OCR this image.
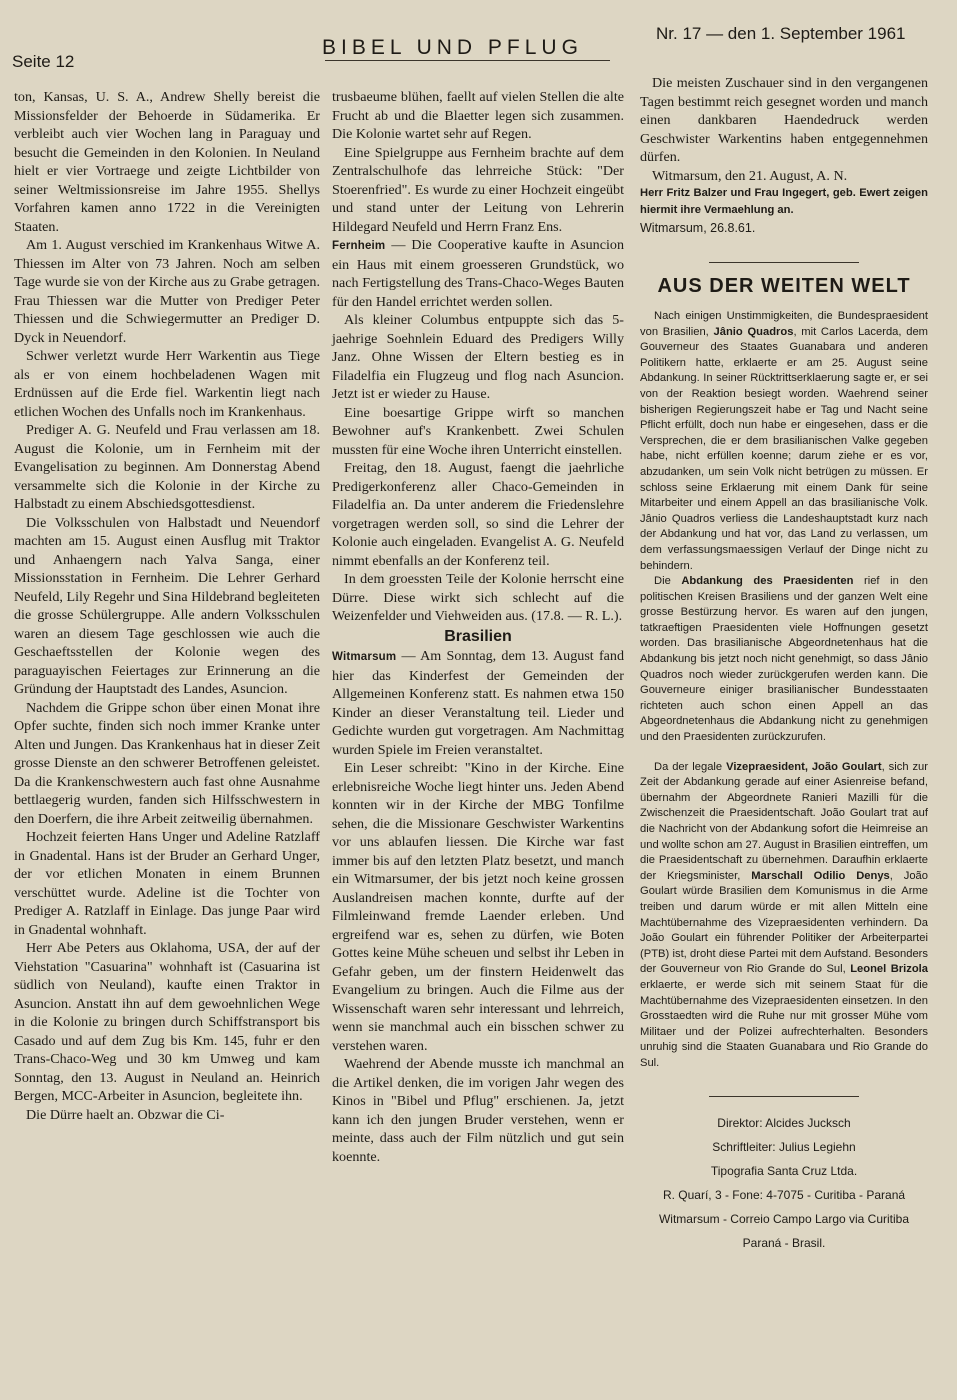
Seite 12
BIBEL UND PFLUG
Nr. 17 — den 1. September 1961

ton, Kansas, U. S. A., Andrew Shelly bereist die Missionsfelder der Behoerde in Südamerika. Er verbleibt auch vier Wochen lang in Paraguay und besucht die Gemeinden in den Kolonien. In Neuland hielt er vier Vortraege und zeigte Lichtbilder von seiner Weltmissionsreise im Jahre 1955. Shellys Vorfahren kamen anno 1722 in die Vereinigten Staaten.

Am 1. August verschied im Krankenhaus Witwe A. Thiessen im Alter von 73 Jahren. Noch am selben Tage wurde sie von der Kirche aus zu Grabe getragen. Frau Thiessen war die Mutter von Prediger Peter Thiessen und die Schwiegermutter an Prediger D. Dyck in Neuendorf.

Schwer verletzt wurde Herr Warkentin aus Tiege als er von einem hochbeladenen Wagen mit Erdnüssen auf die Erde fiel. Warkentin liegt nach etlichen Wochen des Unfalls noch im Krankenhaus.

Prediger A. G. Neufeld und Frau verlassen am 18. August die Kolonie, um in Fernheim mit der Evangelisation zu beginnen. Am Donnerstag Abend versammelte sich die Kolonie in der Kirche zu Halbstadt zu einem Abschiedsgottesdienst.

Die Volksschulen von Halbstadt und Neuendorf machten am 15. August einen Ausflug mit Traktor und Anhaengern nach Yalva Sanga, einer Missionsstation in Fernheim. Die Lehrer Gerhard Neufeld, Lily Regehr und Sina Hildebrand begleiteten die grosse Schülergruppe. Alle andern Volksschulen waren an diesem Tage geschlossen wie auch die Geschaeftsstellen der Kolonie wegen des paraguayischen Feiertages zur Erinnerung an die Gründung der Hauptstadt des Landes, Asuncion.

Nachdem die Grippe schon über einen Monat ihre Opfer suchte, finden sich noch immer Kranke unter Alten und Jungen. Das Krankenhaus hat in dieser Zeit grosse Dienste an den schwerer Betroffenen geleistet. Da die Krankenschwestern auch fast ohne Ausnahme bettlaegerig wurden, fanden sich Hilfsschwestern in den Doerfern, die ihre Arbeit zeitweilig übernahmen.

Hochzeit feierten Hans Unger und Adeline Ratzlaff in Gnadental. Hans ist der Bruder an Gerhard Unger, der vor etlichen Monaten in einem Brunnen verschüttet wurde. Adeline ist die Tochter von Prediger A. Ratzlaff in Einlage. Das junge Paar wird in Gnadental wohnhaft.

Herr Abe Peters aus Oklahoma, USA, der auf der Viehstation "Casuarina" wohnhaft ist (Casuarina ist südlich von Neuland), kaufte einen Traktor in Asuncion. Anstatt ihn auf dem gewoehnlichen Wege in die Kolonie zu bringen durch Schiffstransport bis Casado und auf dem Zug bis Km. 145, fuhr er den Trans-Chaco-Weg und 30 km Umweg und kam Sonntag, den 13. August in Neuland an. Heinrich Bergen, MCC-Arbeiter in Asuncion, begleitete ihn.

Die Dürre haelt an. Obzwar die Ci-

trusbaeume blühen, faellt auf vielen Stellen die alte Frucht ab und die Blaetter legen sich zusammen. Die Kolonie wartet sehr auf Regen.

Eine Spielgruppe aus Fernheim brachte auf dem Zentralschulhofe das lehrreiche Stück: "Der Stoerenfried". Es wurde zu einer Hochzeit eingeübt und stand unter der Leitung von Lehrerin Hildegard Neufeld und Herrn Franz Ens.

Fernheim — Die Cooperative kaufte in Asuncion ein Haus mit einem groesseren Grundstück, wo nach Fertigstellung des Trans-Chaco-Weges Bauten für den Handel errichtet werden sollen.

Als kleiner Columbus entpuppte sich das 5-jaehrige Soehnlein Eduard des Predigers Willy Janz. Ohne Wissen der Eltern bestieg es in Filadelfia ein Flugzeug und flog nach Asuncion. Jetzt ist er wieder zu Hause.

Eine boesartige Grippe wirft so manchen Bewohner auf's Krankenbett. Zwei Schulen mussten für eine Woche ihren Unterricht einstellen.

Freitag, den 18. August, faengt die jaehrliche Predigerkonferenz aller Chaco-Gemeinden in Filadelfia an. Da unter anderem die Friedenslehre vorgetragen werden soll, so sind die Lehrer der Kolonie auch eingeladen. Evangelist A. G. Neufeld nimmt ebenfalls an der Konferenz teil.

In dem groessten Teile der Kolonie herrscht eine Dürre. Diese wirkt sich schlecht auf die Weizenfelder und Viehweiden aus. (17.8. — R. L.).

Brasilien

Witmarsum — Am Sonntag, dem 13. August fand hier das Kinderfest der Gemeinden der Allgemeinen Konferenz statt. Es nahmen etwa 150 Kinder an dieser Veranstaltung teil. Lieder und Gedichte wurden gut vorgetragen. Am Nachmittag wurden Spiele im Freien veranstaltet.

Ein Leser schreibt: "Kino in der Kirche. Eine erlebnisreiche Woche liegt hinter uns. Jeden Abend konnten wir in der Kirche der MBG Tonfilme sehen, die die Missionare Geschwister Warkentins vor uns ablaufen liessen. Die Kirche war fast immer bis auf den letzten Platz besetzt, und manch ein Witmarsumer, der bis jetzt noch keine grossen Auslandreisen machen konnte, durfte auf der Filmleinwand fremde Laender erleben. Und ergreifend war es, sehen zu dürfen, wie Boten Gottes keine Mühe scheuen und selbst ihr Leben in Gefahr geben, um der finstern Heidenwelt das Evangelium zu bringen. Auch die Filme aus der Wissenschaft waren sehr interessant und lehrreich, wenn sie manchmal auch ein bisschen schwer zu verstehen waren.

Waehrend der Abende musste ich manchmal an die Artikel denken, die im vorigen Jahr wegen des Kinos in "Bibel und Pflug" erschienen. Ja, jetzt kann ich den jungen Bruder verstehen, wenn er meinte, dass auch der Film nützlich und gut sein koennte.

Die meisten Zuschauer sind in den vergangenen Tagen bestimmt reich gesegnet worden und manch einen dankbaren Haendedruck werden Geschwister Warkentins haben entgegennehmen dürfen.

Witmarsum, den 21. August, A. N.

Herr Fritz Balzer und Frau Ingegert, geb. Ewert zeigen hiermit ihre Vermaehlung an.

Witmarsum, 26.8.61.

AUS DER WEITEN WELT

Nach einigen Unstimmigkeiten, die Bundespraesident von Brasilien, Jânio Quadros, mit Carlos Lacerda, dem Gouverneur des Staates Guanabara und anderen Politikern hatte, erklaerte er am 25. August seine Abdankung. In seiner Rücktrittserklaerung sagte er, er sei von der Reaktion besiegt worden. Waehrend seiner bisherigen Regierungszeit habe er Tag und Nacht seine Pflicht erfüllt, doch nun habe er eingesehen, dass er die Versprechen, die er dem brasilianischen Valke gegeben habe, nicht erfüllen koenne; darum ziehe er es vor, abzudanken, um sein Volk nicht betrügen zu müssen. Er schloss seine Erklaerung mit einem Dank für seine Mitarbeiter und einem Appell an das brasilianische Volk. Jânio Quadros verliess die Landeshauptstadt kurz nach der Abdankung und hat vor, das Land zu verlassen, um dem verfassungsmaessigen Verlauf der Dinge nicht zu behindern.

Die Abdankung des Praesidenten rief in den politischen Kreisen Brasiliens und der ganzen Welt eine grosse Bestürzung hervor. Es waren auf den jungen, tatkraeftigen Praesidenten viele Hoffnungen gesetzt worden. Das brasilianische Abgeordnetenhaus hat die Abdankung bis jetzt noch nicht genehmigt, so dass Jânio Quadros noch wieder zurückgerufen werden kann. Die Gouverneure einiger brasilianischer Bundesstaaten richteten auch schon einen Appell an das Abgeordnetenhaus die Abdankung nicht zu genehmigen und den Praesidenten zurückzurufen.

Da der legale Vizepraesident, João Goulart, sich zur Zeit der Abdankung gerade auf einer Asienreise befand, übernahm der Abgeordnete Ranieri Mazilli für die Zwischenzeit die Praesidentschaft. João Goulart trat auf die Nachricht von der Abdankung sofort die Heimreise an und wollte schon am 27. August in Brasilien eintreffen, um die Praesidentschaft zu übernehmen. Daraufhin erklaerte der Kriegsminister, Marschall Odilio Denys, João Goulart würde Brasilien dem Komunismus in die Arme treiben und darum würde er mit allen Mitteln eine Machtübernahme des Vizepraesidenten verhindern. Da João Goulart ein führender Politiker der Arbeiterpartei (PTB) ist, droht diese Partei mit dem Aufstand. Besonders der Gouverneur von Rio Grande do Sul, Leonel Brizola erklaerte, er werde sich mit seinem Staat für die Machtübernahme des Vizepraesidenten einsetzen. In den Grosstaedten wird die Ruhe nur mit grosser Mühe vom Militaer und der Polizei aufrechterhalten. Besonders unruhig sind die Staaten Guanabara und Rio Grande do Sul.

Direktor: Alcides Jucksch
Schriftleiter: Julius Legiehn
Tipografia Santa Cruz Ltda.
R. Quarí, 3 - Fone: 4-7075 - Curitiba - Paraná
Witmarsum - Correio Campo Largo via Curitiba
Paraná - Brasil.
